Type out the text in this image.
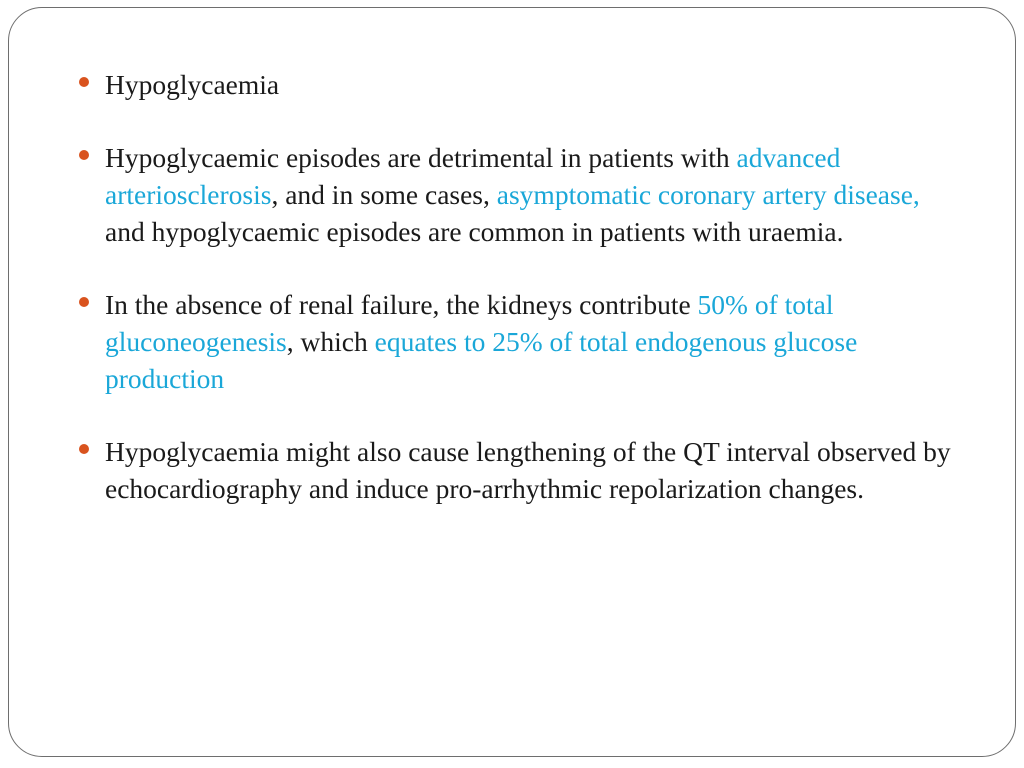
Hypoglycaemia
Hypoglycaemic episodes are detrimental in patients with advanced arteriosclerosis, and in some cases, asymptomatic coronary artery disease, and hypoglycaemic episodes are common in patients with uraemia.
In the absence of renal failure, the kidneys contribute 50% of total gluconeogenesis, which equates to 25% of total endogenous glucose production
Hypoglycaemia might also cause lengthening of the QT interval observed by echocardiography and induce pro-arrhythmic repolarization changes.
